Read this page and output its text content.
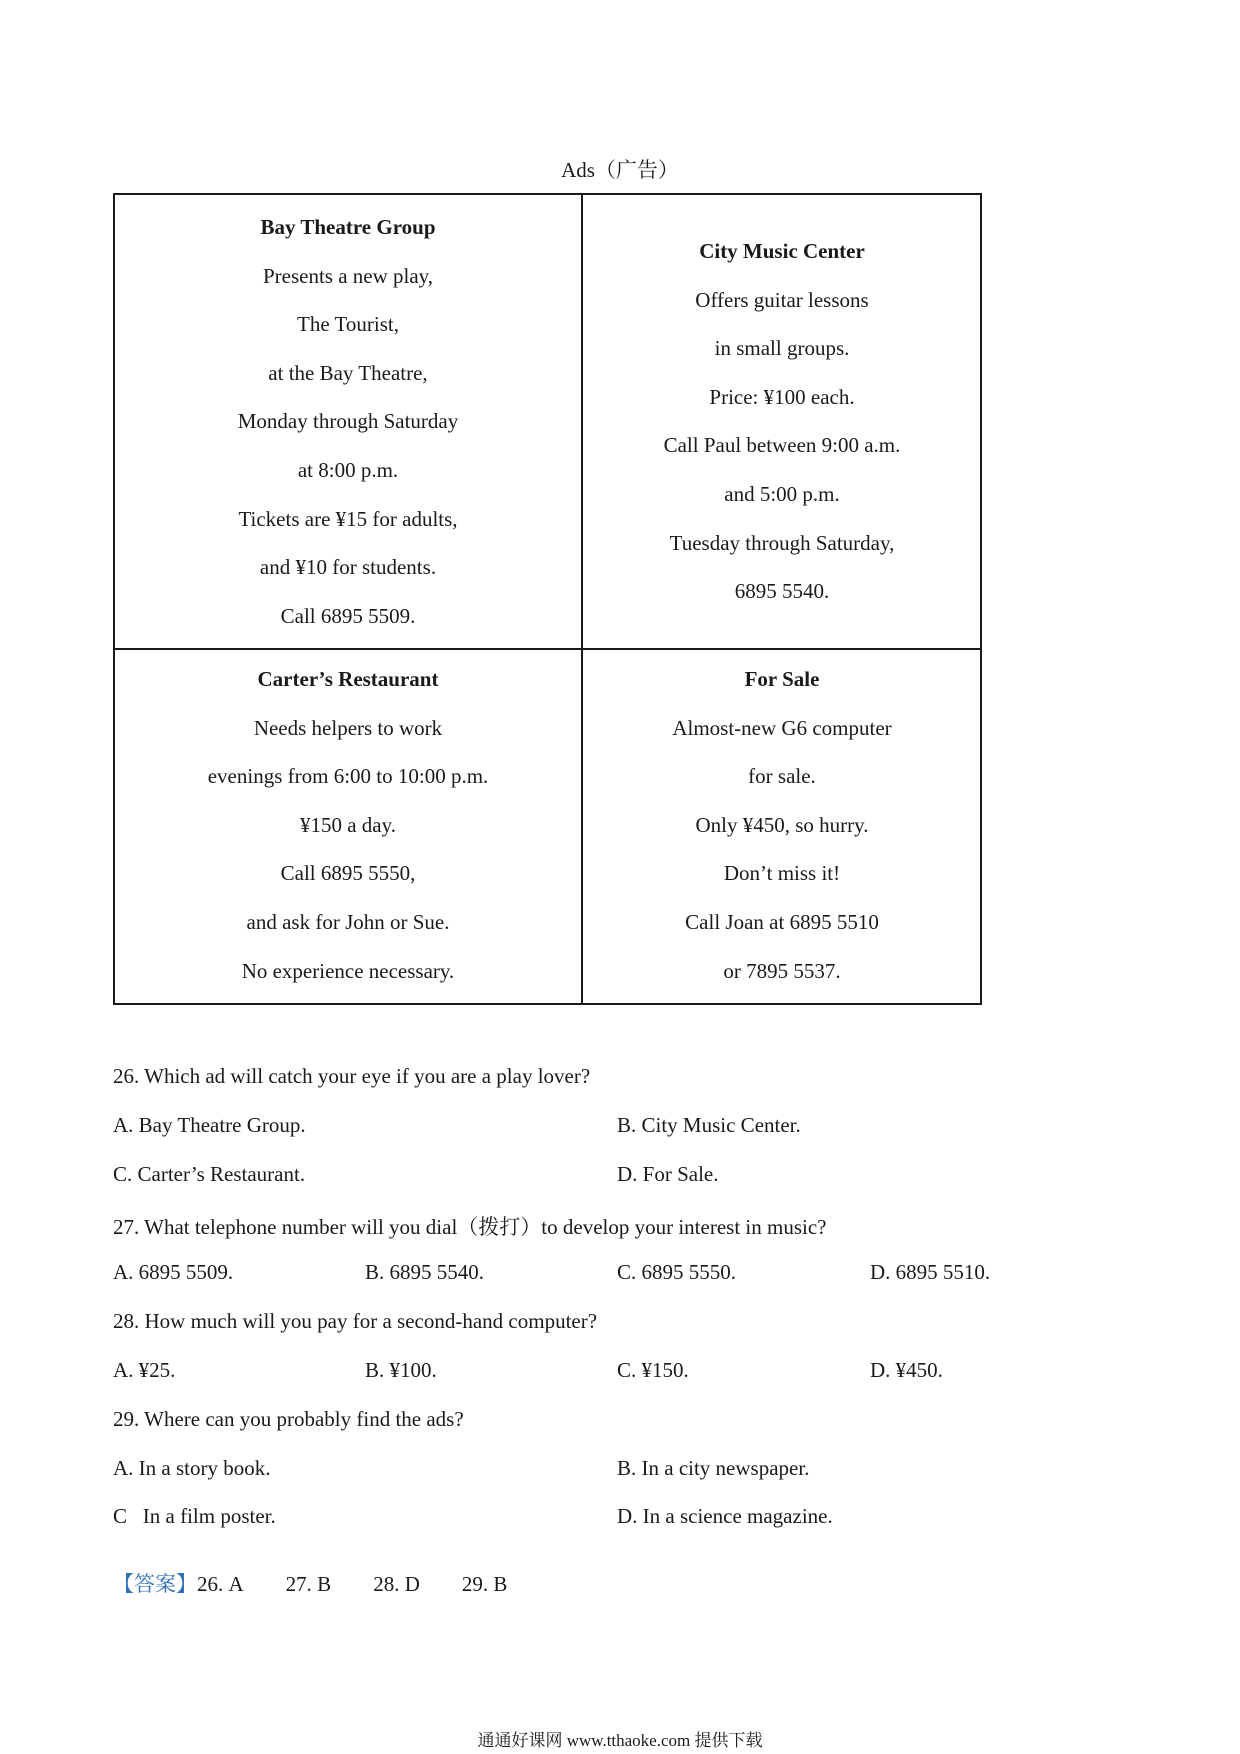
Ads（广告）
Bay Theatre Group
Presents a new play,
The Tourist,
at the Bay Theatre,
Monday through Saturday
at 8:00 p.m.
Tickets are ¥15 for adults,
and ¥10 for students.
Call 6895 5509.
City Music Center
Offers guitar lessons
in small groups.
Price: ¥100 each.
Call Paul between 9:00 a.m.
and 5:00 p.m.
Tuesday through Saturday,
6895 5540.
Carter’s Restaurant
Needs helpers to work
evenings from 6:00 to 10:00 p.m.
¥150 a day.
Call 6895 5550,
and ask for John or Sue.
No experience necessary.
For Sale
Almost-new G6 computer
for sale.
Only ¥450, so hurry.
Don’t miss it!
Call Joan at 6895 5510
or 7895 5537.
26. Which ad will catch your eye if you are a play lover?
A. Bay Theatre Group.	B. City Music Center.
C. Carter’s Restaurant.	D. For Sale.
27. What telephone number will you dial（拨打）to develop your interest in music?
A. 6895 5509.	B. 6895 5540.	C. 6895 5550.	D. 6895 5510.
28. How much will you pay for a second-hand computer?
A. ¥25.	B. ¥100.	C. ¥150.	D. ¥450.
29. Where can you probably find the ads?
A. In a story book.	B. In a city newspaper.
C   In a film poster.	D. In a science magazine.
【答案】26. A 27. B 28. D 29. B
通通好课网 www.tthaoke.com 提供下载
